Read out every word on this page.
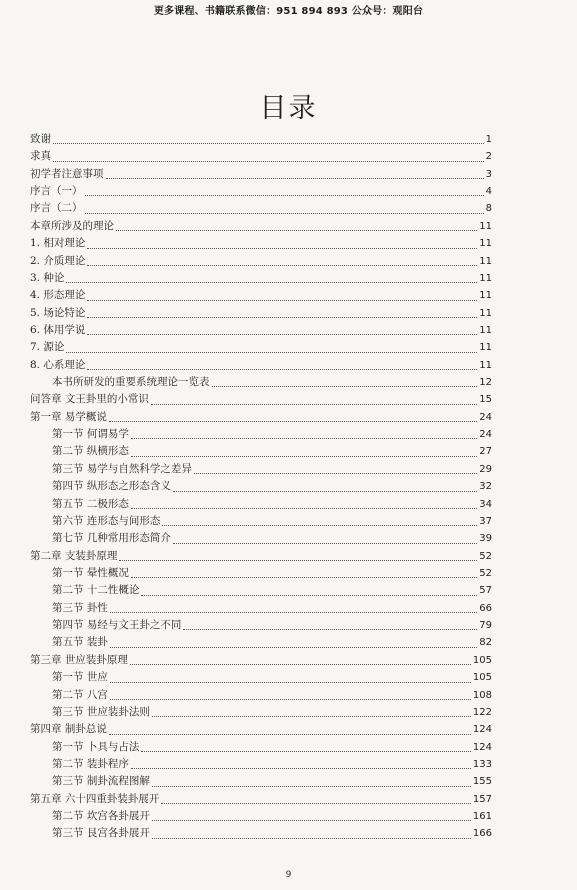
更多课程、书籍联系微信：951 894 893 公众号：观阳台
目录
致谢	1
求真	2
初学者注意事项	3
序言（一）	4
序言（二）	8
本章所涉及的理论	11
1. 相对理论	11
2. 介质理论	11
3. 种论	11
4. 形态理论	11
5. 场论特论	11
6. 体用学说	11
7. 源论	11
8. 心系理论	11
本书所研发的重要系统理论一览表	12
问答章 文王卦里的小常识	15
第一章 易学概说	24
第一节 何谓易学	24
第二节 纵横形态	27
第三节 易学与自然科学之差异	29
第四节 纵形态之形态含义	32
第五节 二极形态	34
第六节 连形态与间形态	37
第七节 几种常用形态简介	39
第二章 支装卦原理	52
第一节 晕性概况	52
第二节 十二性概论	57
第三节 卦性	66
第四节 易经与文王卦之不同	79
第五节 装卦	82
第三章 世应装卦原理	105
第一节 世应	105
第二节 八宫	108
第三节 世应装卦法则	122
第四章 制卦总说	124
第一节 卜具与占法	124
第二节 装卦程序	133
第三节 制卦流程图解	155
第五章 六十四重卦装卦展开	157
第二节 坎宫各卦展开	161
第三节 艮宫各卦展开	166
9
